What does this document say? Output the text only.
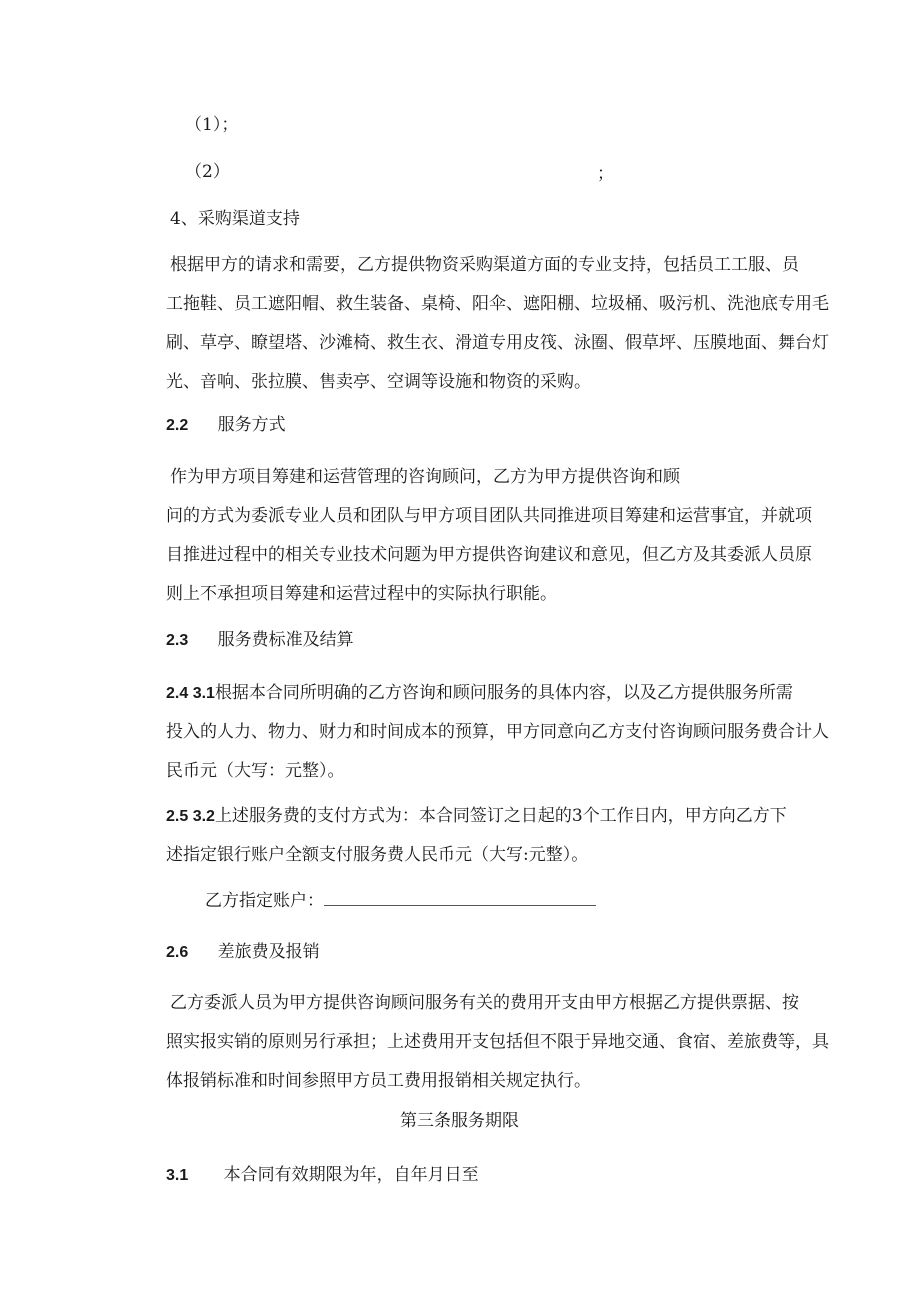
（1）；
（2）	；
4、采购渠道支持
根据甲方的请求和需要，乙方提供物资采购渠道方面的专业支持，包括员工工服、员
工拖鞋、员工遮阳帽、救生装备、桌椅、阳伞、遮阳棚、垃圾桶、吸污机、洗池底专用毛
刷、草亭、瞭望塔、沙滩椅、救生衣、滑道专用皮筏、泳圈、假草坪、压膜地面、舞台灯
光、音响、张拉膜、售卖亭、空调等设施和物资的采购。
2.2 服务方式
作为甲方项目筹建和运营管理的咨询顾问，乙方为甲方提供咨询和顾
问的方式为委派专业人员和团队与甲方项目团队共同推进项目筹建和运营事宜，并就项
目推进过程中的相关专业技术问题为甲方提供咨询建议和意见，但乙方及其委派人员原
则上不承担项目筹建和运营过程中的实际执行职能。
2.3 服务费标准及结算
2.4 3.1根据本合同所明确的乙方咨询和顾问服务的具体内容，以及乙方提供服务所需
投入的人力、物力、财力和时间成本的预算，甲方同意向乙方支付咨询顾问服务费合计人
民币元（大写：元整）。
2.5 3.2上述服务费的支付方式为：本合同签订之日起的3个工作日内，甲方向乙方下
述指定银行账户全额支付服务费人民币元（大写:元整）。
乙方指定账户：
2.6 差旅费及报销
乙方委派人员为甲方提供咨询顾问服务有关的费用开支由甲方根据乙方提供票据、按
照实报实销的原则另行承担；上述费用开支包括但不限于异地交通、食宿、差旅费等，具
体报销标准和时间参照甲方员工费用报销相关规定执行。
第三条服务期限
3.1 本合同有效期限为年，自年月日至
